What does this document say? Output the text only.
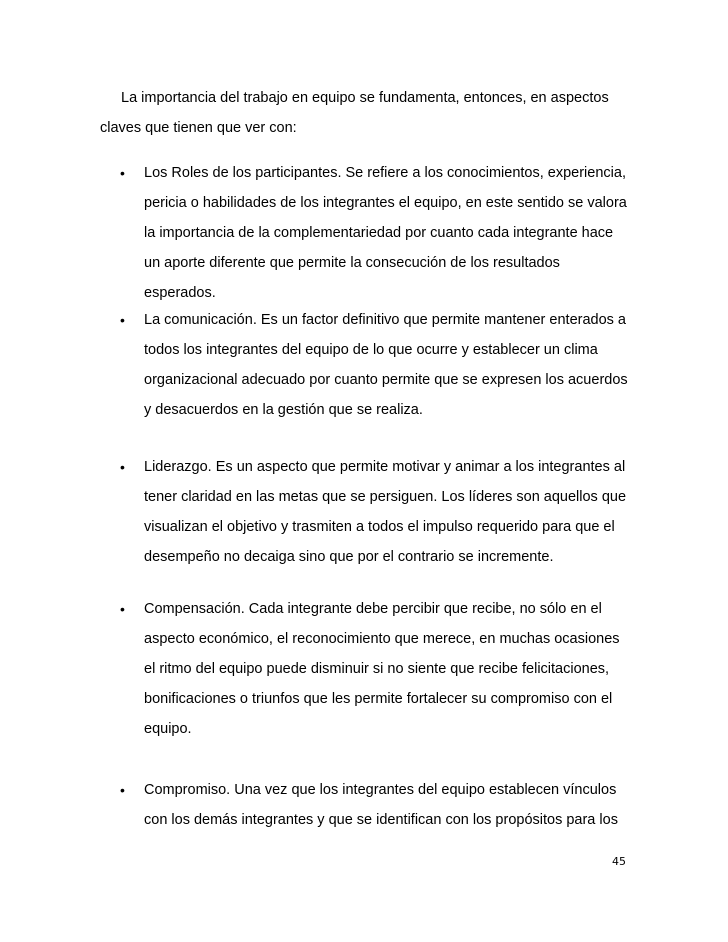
La importancia del trabajo en equipo se fundamenta, entonces, en aspectos claves que tienen que ver con:

•	Los Roles de los participantes. Se refiere a los conocimientos, experiencia, pericia o habilidades de los integrantes el equipo, en este sentido se valora la importancia de la complementariedad por cuanto cada integrante hace un aporte diferente que permite la consecución de los resultados esperados.
•	La comunicación. Es un factor definitivo que permite mantener enterados a todos los integrantes del equipo de lo que ocurre y establecer un clima organizacional adecuado por cuanto permite que se expresen los acuerdos y desacuerdos en la gestión que se realiza.
•	Liderazgo. Es un aspecto que permite motivar y animar a los integrantes al tener claridad en las metas que se persiguen. Los líderes son aquellos que visualizan el objetivo y trasmiten a todos el impulso requerido para que el desempeño no decaiga sino que por el contrario se incremente.
•	Compensación. Cada integrante debe percibir que recibe, no sólo en el aspecto económico, el reconocimiento que merece, en muchas ocasiones el ritmo del equipo puede disminuir si no siente que recibe felicitaciones, bonificaciones o triunfos que les permite fortalecer su compromiso con el equipo.
•	Compromiso. Una vez que los integrantes del equipo establecen vínculos con los demás integrantes y que se identifican con los propósitos para los
45
